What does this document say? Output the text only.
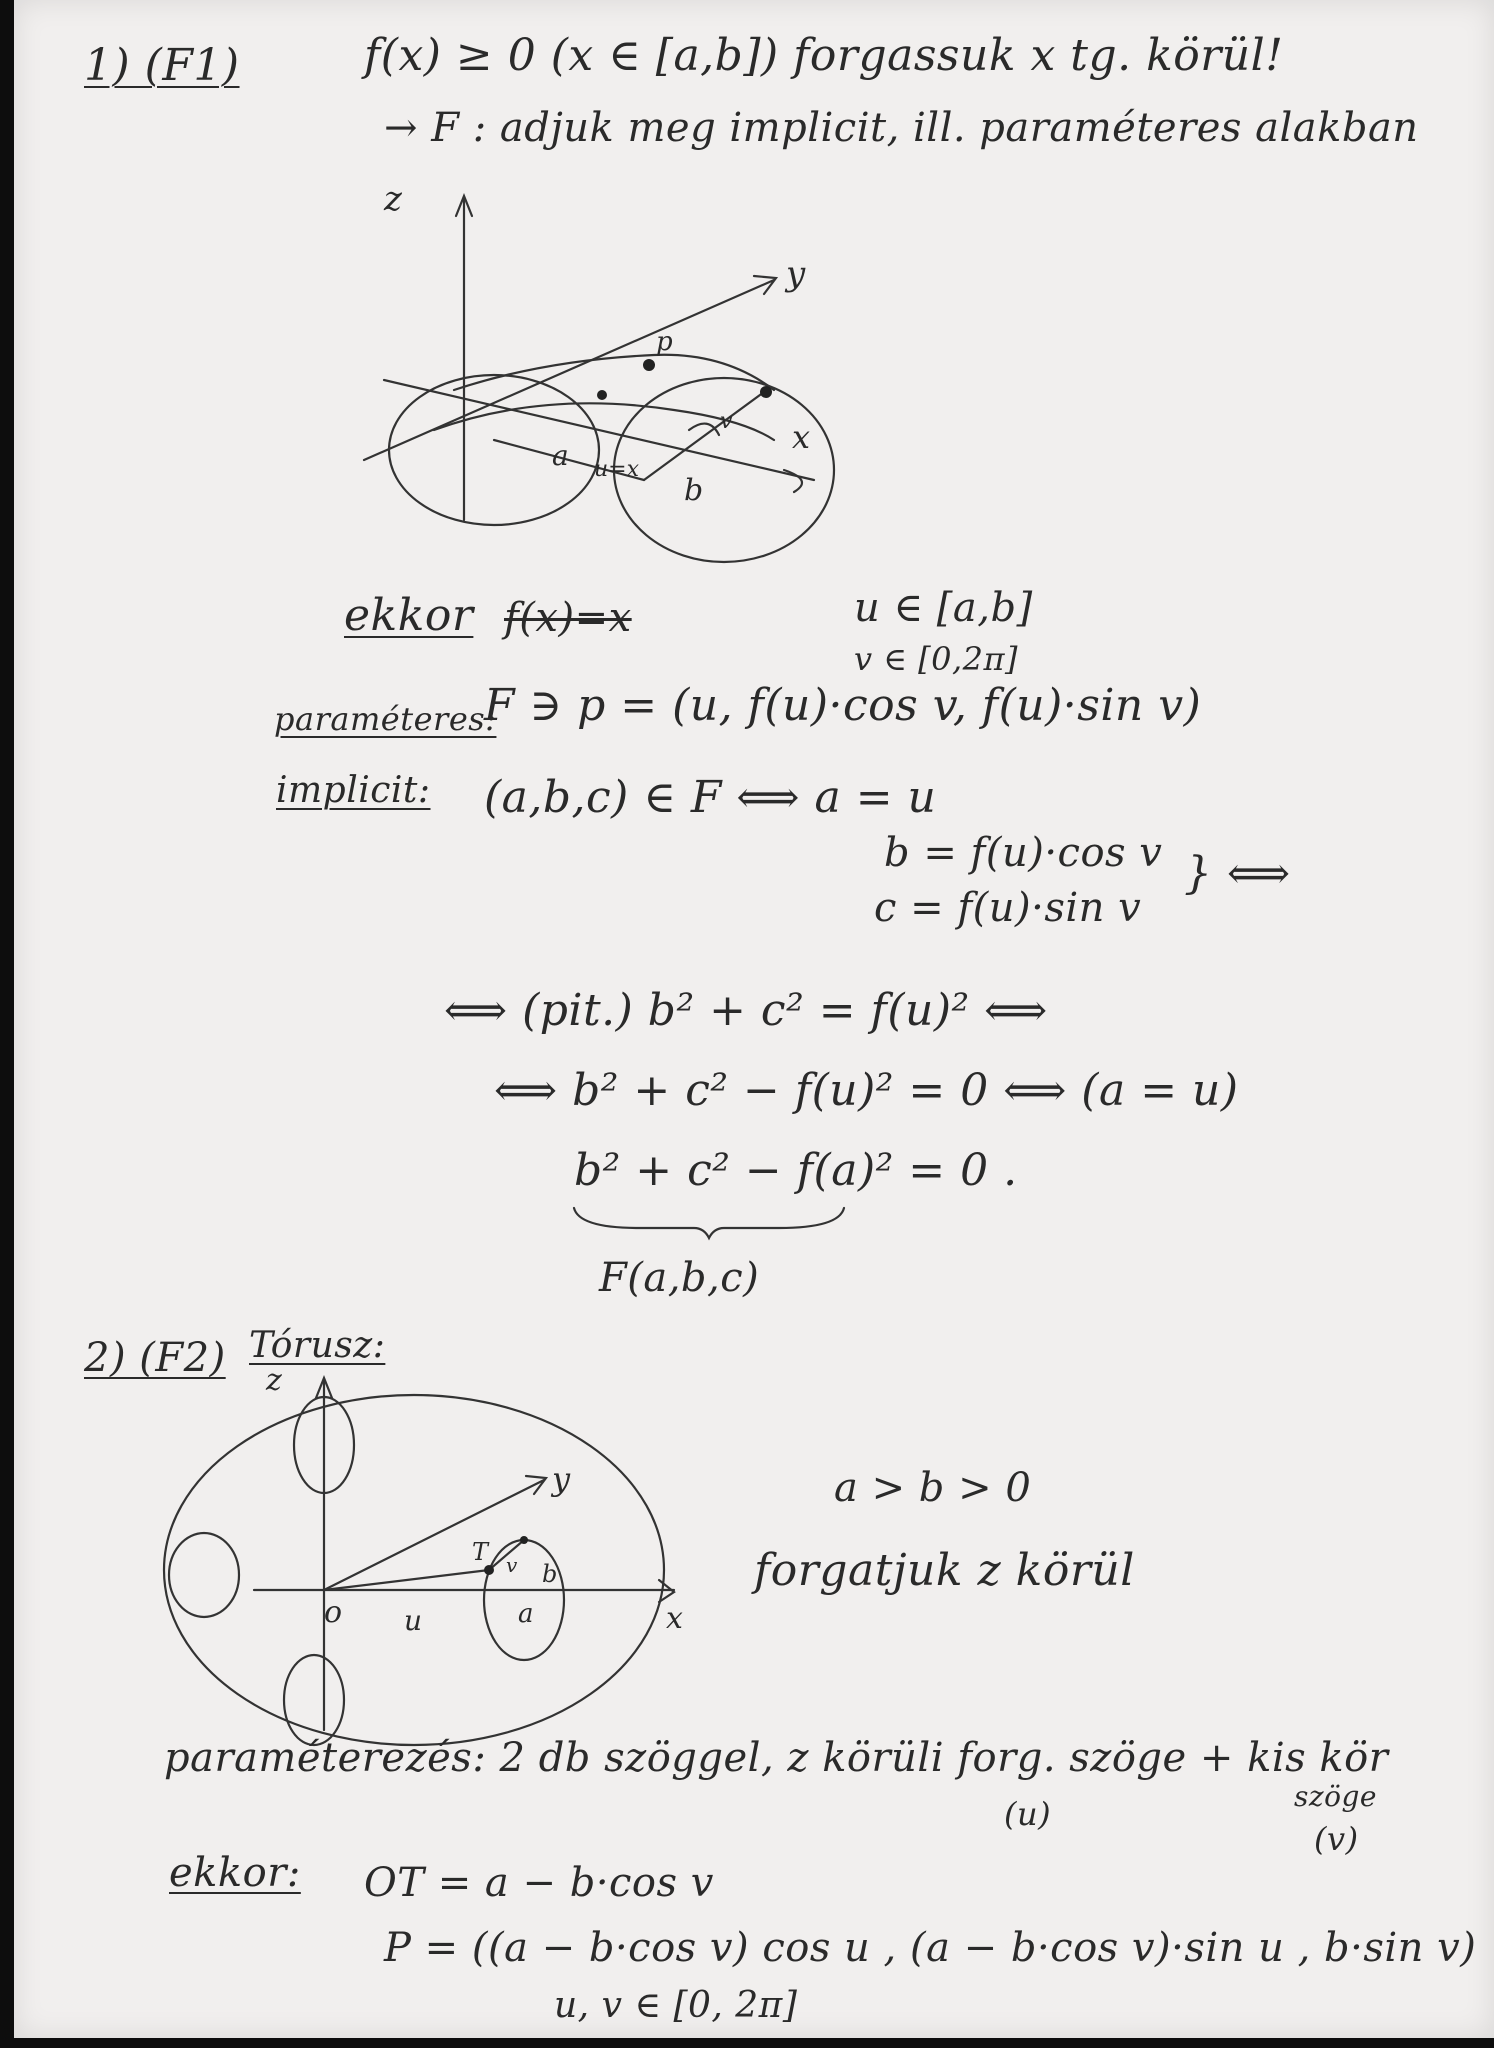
1) (F1)	f(x) ≥ 0 (x ∈ [a,b]) forgassuk x tg. körül!
→ F : adjuk meg implicit, ill. paraméteres alakban
z
y
x
p
a
b
u=x
v
ekkor f(x)=x	u ∈ [a,b]
v ∈ [0,2π]
paraméteres:
F ∋ p = (u, f(u)·cos v, f(u)·sin v)
implicit: (a,b,c) ∈ F ⟺ a = u
b = f(u)·cos v
c = f(u)·sin v
} ⟺
⟺ (pit.) b² + c² = f(u)² ⟺
⟺ b² + c² − f(u)² = 0 ⟺ (a = u)
b² + c² − f(a)² = 0 .
F(a,b,c)
2) (F2) Tórusz:
z
y
x
o u
T v
a
b
a > b > 0
forgatjuk z körül
paraméterezés: 2 db szöggel, z körüli forg. szöge + kis kör
(u)	szöge
(v)
ekkor: OT = a − b·cos v
P = ((a − b·cos v) cos u , (a − b·cos v)·sin u , b·sin v)
u, v ∈ [0, 2π]
